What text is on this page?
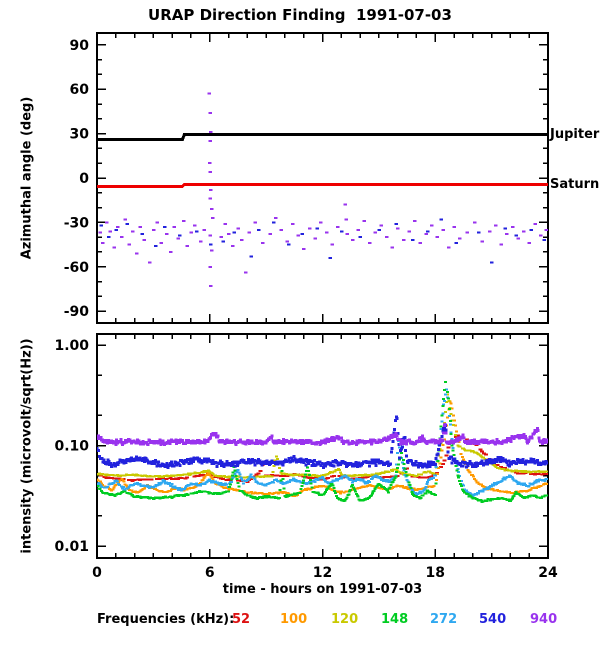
URAP Direction Finding  1991-07-03
-90
-60
-30
0
30
60
90
1.00
0.10
0.01
0	6	12	18	24
Azimuthal angle (deg)
intensity (microvolt/sqrt(Hz))
time - hours on 1991-07-03
Jupiter
Saturn
Frequencies (kHz):
52 100 120 148 272 540 940
